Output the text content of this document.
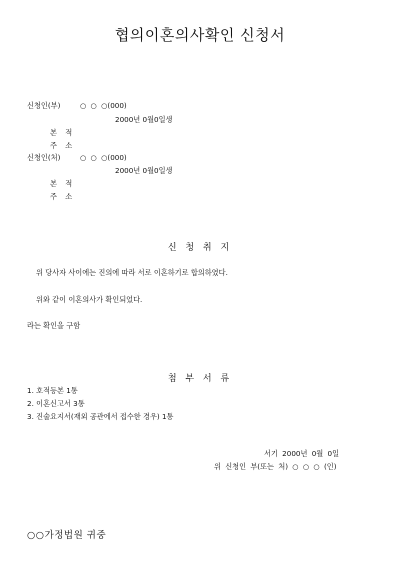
협의이혼의사확인 신청서
신청인(부)	○ ○ ○(000)
2000년 0월0일생
본 적
주 소
신청인(처)	○ ○ ○(000)
2000년 0월0일생
본 적
주 소
신 청 취 지
위 당사자 사이에는 진의에 따라 서로 이혼하기로 합의하였다.
위와 같이 이혼의사가 확인되었다.
라는 확인을 구함
첨 부 서 류
1. 호적등본 1통
2. 이혼신고서 3통
3. 진술요지서(재외 공관에서 접수한 경우) 1통
서기 2000년 0월 0일
위 신청인 부(또는 처) ○ ○ ○ (인)
○○가정법원 귀중
